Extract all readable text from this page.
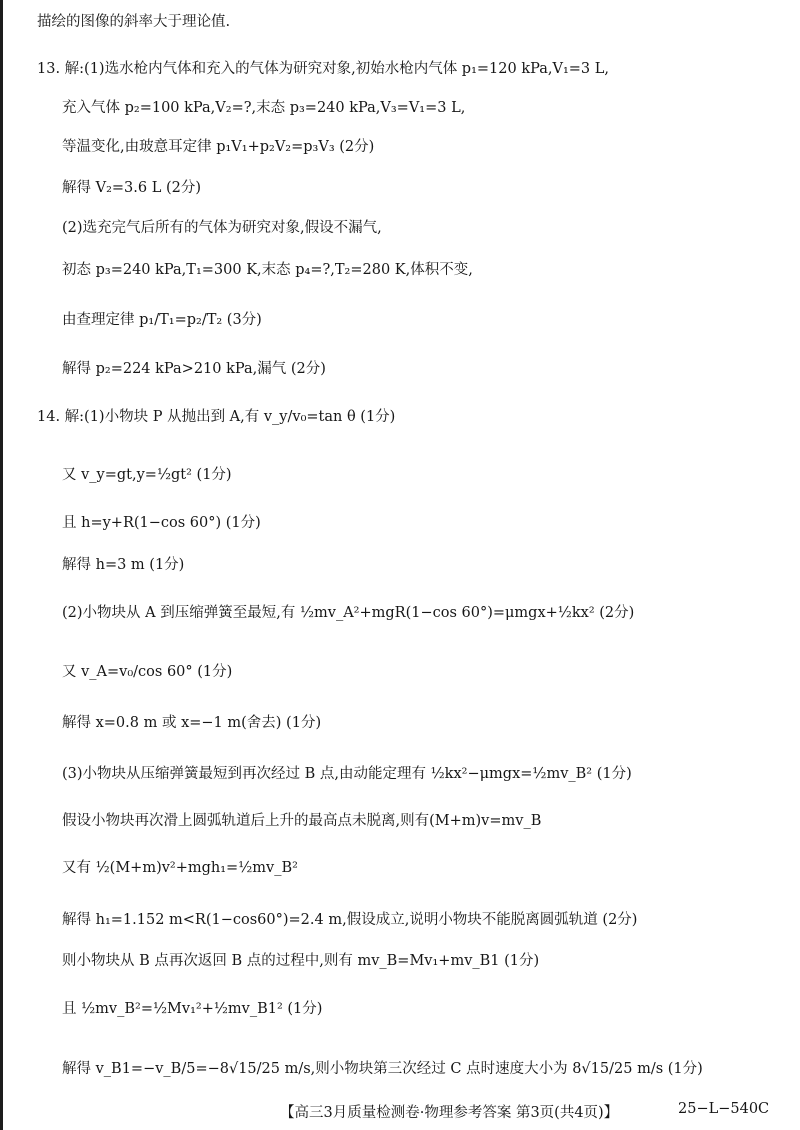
描绘的图像的斜率大于理论值.
13. 解:(1)选水枪内气体和充入的气体为研究对象,初始水枪内气体 p₁=120 kPa,V₁=3 L,
充入气体 p₂=100 kPa,V₂=?,末态 p₃=240 kPa,V₃=V₁=3 L,
等温变化,由玻意耳定律 p₁V₁+p₂V₂=p₃V₃ (2分)
解得 V₂=3.6 L (2分)
(2)选充完气后所有的气体为研究对象,假设不漏气,
初态 p₃=240 kPa,T₁=300 K,末态 p₄=?,T₂=280 K,体积不变,
由查理定律 p₁/T₁=p₂/T₂ (3分)
解得 p₂=224 kPa>210 kPa,漏气 (2分)
14. 解:(1)小物块 P 从抛出到 A,有 v_y/v₀=tan θ (1分)
又 v_y=gt,y=½gt² (1分)
且 h=y+R(1−cos 60°) (1分)
解得 h=3 m (1分)
(2)小物块从 A 到压缩弹簧至最短,有 ½mv_A²+mgR(1−cos 60°)=μmgx+½kx² (2分)
又 v_A=v₀/cos 60° (1分)
解得 x=0.8 m 或 x=−1 m(舍去) (1分)
(3)小物块从压缩弹簧最短到再次经过 B 点,由动能定理有 ½kx²−μmgx=½mv_B² (1分)
假设小物块再次滑上圆弧轨道后上升的最高点未脱离,则有(M+m)v=mv_B
又有 ½(M+m)v²+mgh₁=½mv_B²
解得 h₁=1.152 m<R(1−cos60°)=2.4 m,假设成立,说明小物块不能脱离圆弧轨道 (2分)
则小物块从 B 点再次返回 B 点的过程中,则有 mv_B=Mv₁+mv_B1 (1分)
且 ½mv_B²=½Mv₁²+½mv_B1² (1分)
解得 v_B1=−v_B/5=−8√15/25 m/s,则小物块第三次经过 C 点时速度大小为 8√15/25 m/s (1分)
【高三3月质量检测卷·物理参考答案 第3页(共4页)】	25−L−540C
